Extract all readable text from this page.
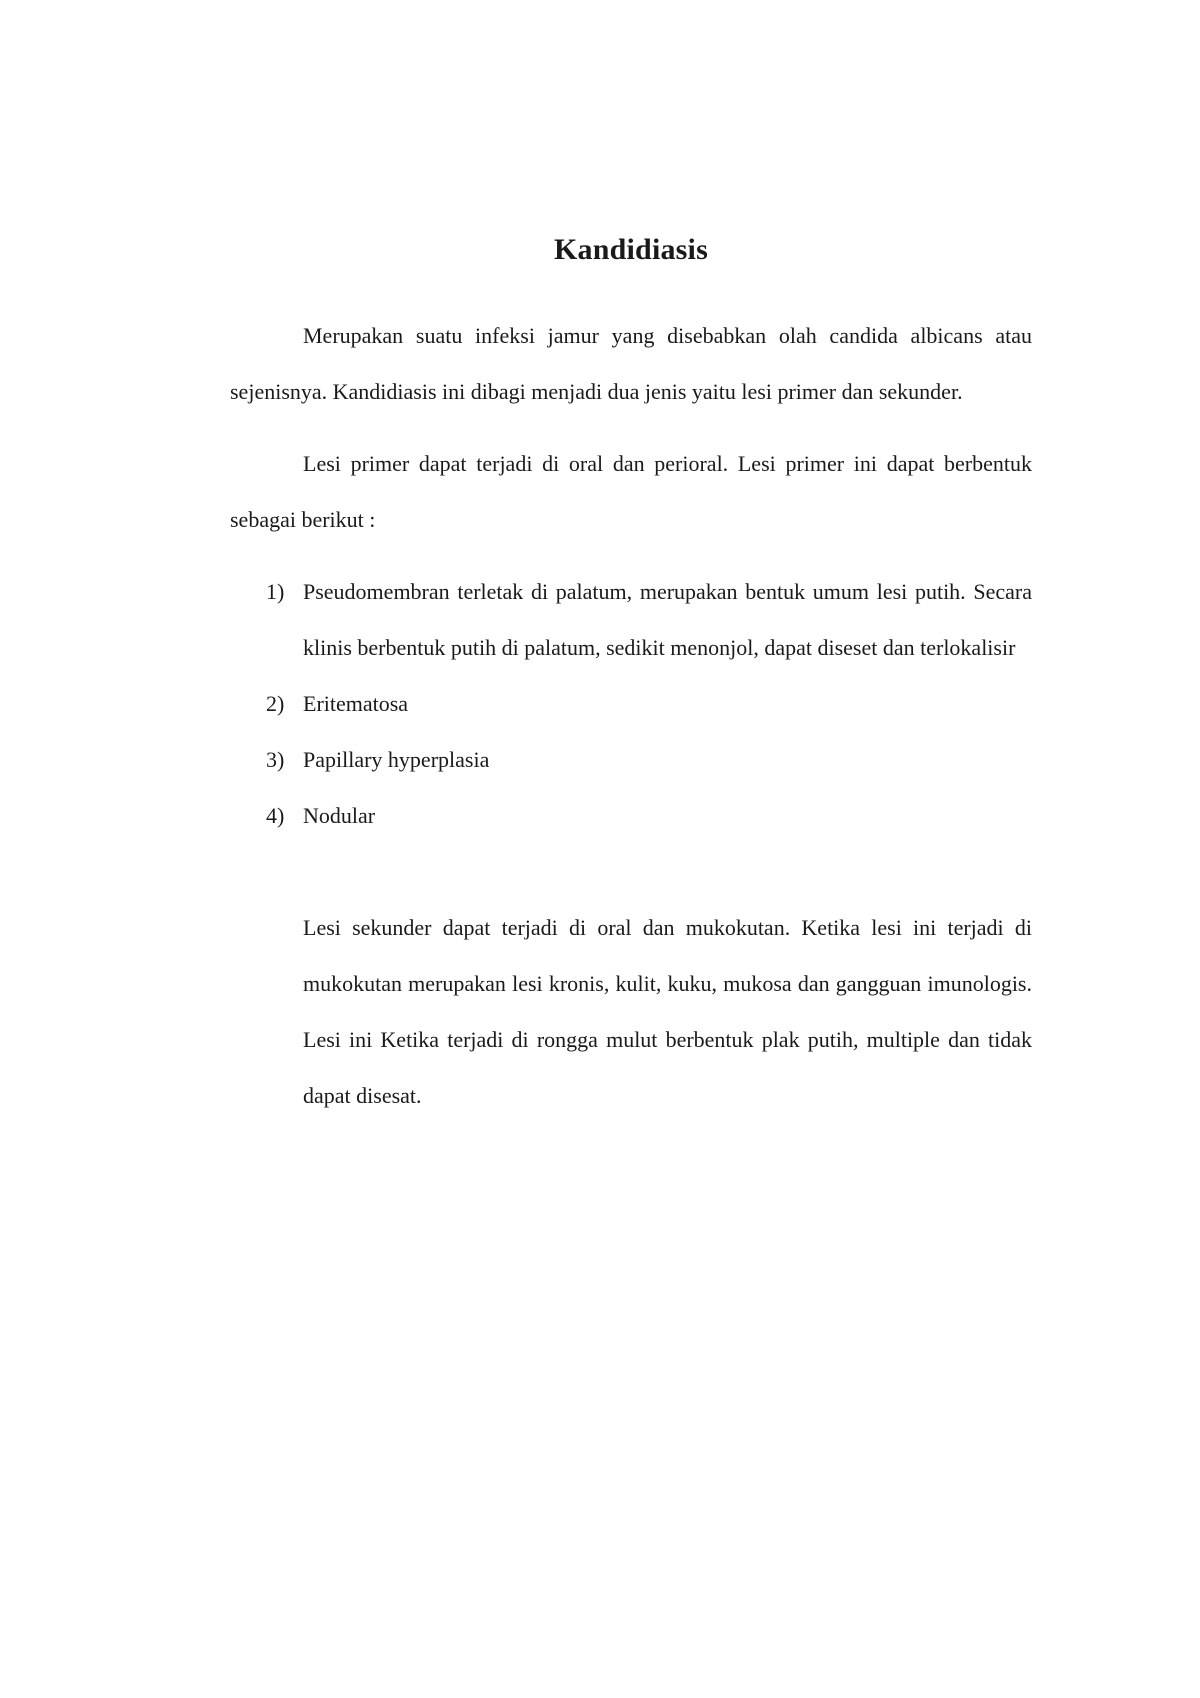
Kandidiasis

Merupakan suatu infeksi jamur yang disebabkan olah candida albicans atau sejenisnya. Kandidiasis ini dibagi menjadi dua jenis yaitu lesi primer dan sekunder.

Lesi primer dapat terjadi di oral dan perioral. Lesi primer ini dapat berbentuk sebagai berikut :

1) Pseudomembran terletak di palatum, merupakan bentuk umum lesi putih. Secara klinis berbentuk putih di palatum, sedikit menonjol, dapat diseset dan terlokalisir
2) Eritematosa
3) Papillary hyperplasia
4) Nodular

Lesi sekunder dapat terjadi di oral dan mukokutan. Ketika lesi ini terjadi di mukokutan merupakan lesi kronis, kulit, kuku, mukosa dan gangguan imunologis. Lesi ini Ketika terjadi di rongga mulut berbentuk plak putih, multiple dan tidak dapat disesat.
